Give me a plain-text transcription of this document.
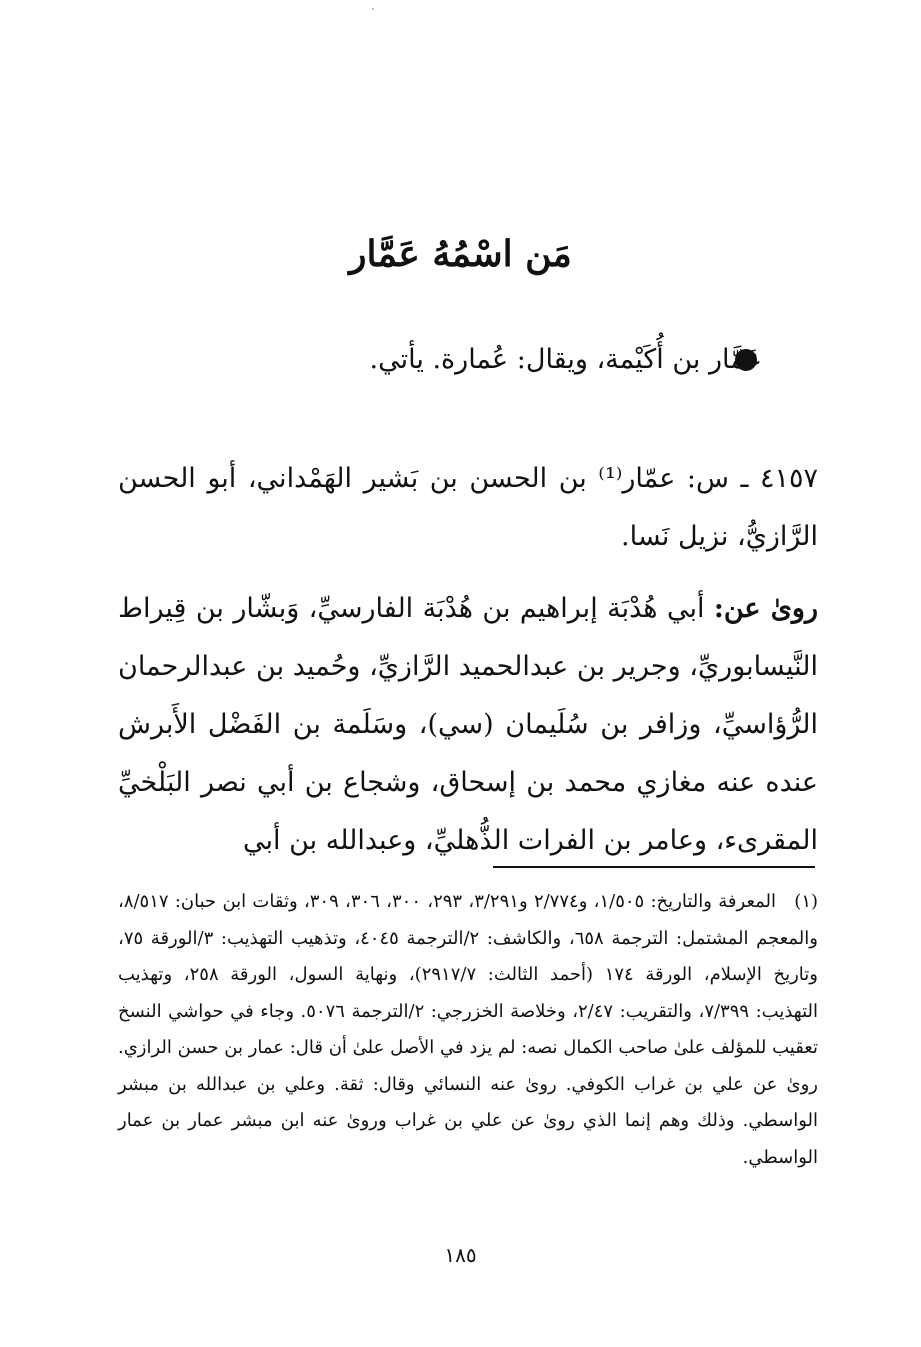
مَن اسْمُهُ عَمَّار
عَمَّار بن أُكَيْمة، ويقال: عُمارة. يأتي.

٤١٥٧ ـ س: عمّار⁽¹⁾ بن الحسن بن بَشير الهَمْداني، أبو الحسن الرَّازيُّ، نزيل نَسا.

روىٰ عن: أبي هُدْبَة إبراهيم بن هُدْبَة الفارسيِّ، وَبشّار بن قِيراط النَّيسابوريِّ، وجرير بن عبدالحميد الرَّازيِّ، وحُميد بن عبدالرحمان الرُّؤاسيِّ، وزافر بن سُلَيمان (سي)، وسَلَمة بن الفَضْل الأَبرش عنده عنه مغازي محمد بن إسحاق، وشجاع بن أبي نصر البَلْخيِّ المقرىء، وعامر بن الفرات الذُّهليِّ، وعبدالله بن أبي

(١)المعرفة والتاريخ: ١/٥٠٥، و٢/٧٧٤ و٣/٢٩١، ٢٩٣، ٣٠٠، ٣٠٦، ٣٠٩، وثقات ابن حبان: ٨/٥١٧، والمعجم المشتمل: الترجمة ٦٥٨، والكاشف: ٢/الترجمة ٤٠٤٥، وتذهيب التهذيب: ٣/الورقة ٧٥، وتاريخ الإسلام، الورقة ١٧٤ (أحمد الثالث: ٢٩١٧/٧)، ونهاية السول، الورقة ٢٥٨، وتهذيب التهذيب: ٧/٣٩٩، والتقريب: ٢/٤٧، وخلاصة الخزرجي: ٢/الترجمة ٥٠٧٦. وجاء في حواشي النسخ تعقيب للمؤلف علىٰ صاحب الكمال نصه: لم يزد في الأصل علىٰ أن قال: عمار بن حسن الرازي. روىٰ عن علي بن غراب الكوفي. روىٰ عنه النسائي وقال: ثقة. وعلي بن عبدالله بن مبشر الواسطي. وذلك وهم إنما الذي روىٰ عن علي بن غراب وروىٰ عنه ابن مبشر عمار بن عمار الواسطي.
١٨٥
